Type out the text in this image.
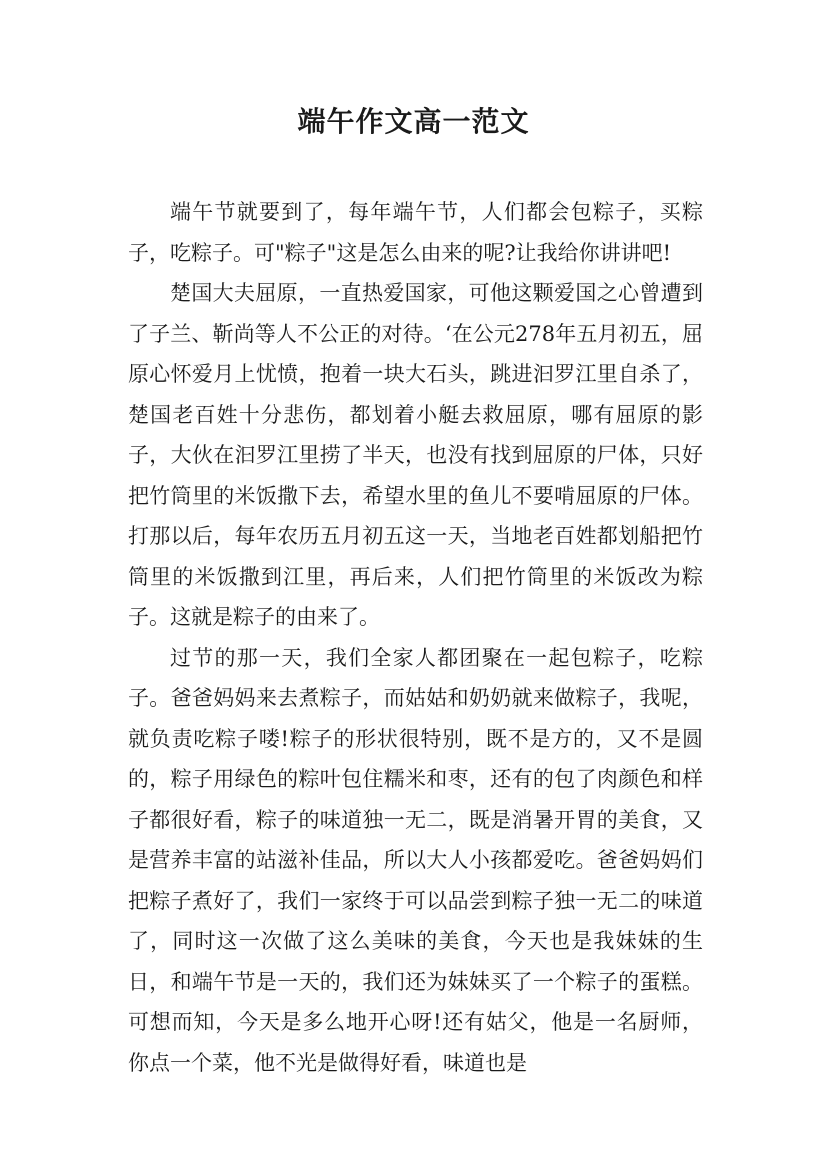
端午作文高一范文

端午节就要到了，每年端午节，人们都会包粽子，买粽子，吃粽子。可"粽子"这是怎么由来的呢?让我给你讲讲吧!

楚国大夫屈原，一直热爱国家，可他这颗爱国之心曾遭到了子兰、靳尚等人不公正的对待。‘在公元278年五月初五，屈原心怀爱月上忧愤，抱着一块大石头，跳进汩罗江里自杀了，楚国老百姓十分悲伤，都划着小艇去救屈原，哪有屈原的影子，大伙在汩罗江里捞了半天，也没有找到屈原的尸体，只好把竹筒里的米饭撒下去，希望水里的鱼儿不要啃屈原的尸体。打那以后，每年农历五月初五这一天，当地老百姓都划船把竹筒里的米饭撒到江里，再后来，人们把竹筒里的米饭改为粽子。这就是粽子的由来了。

过节的那一天，我们全家人都团聚在一起包粽子，吃粽子。爸爸妈妈来去煮粽子，而姑姑和奶奶就来做粽子，我呢，就负责吃粽子喽!粽子的形状很特别，既不是方的，又不是圆的，粽子用绿色的粽叶包住糯米和枣，还有的包了肉颜色和样子都很好看，粽子的味道独一无二，既是消暑开胃的美食，又是营养丰富的站滋补佳品，所以大人小孩都爱吃。爸爸妈妈们把粽子煮好了，我们一家终于可以品尝到粽子独一无二的味道了，同时这一次做了这么美味的美食，今天也是我妹妹的生日，和端午节是一天的，我们还为妹妹买了一个粽子的蛋糕。可想而知，今天是多么地开心呀!还有姑父，他是一名厨师，你点一个菜，他不光是做得好看，味道也是
